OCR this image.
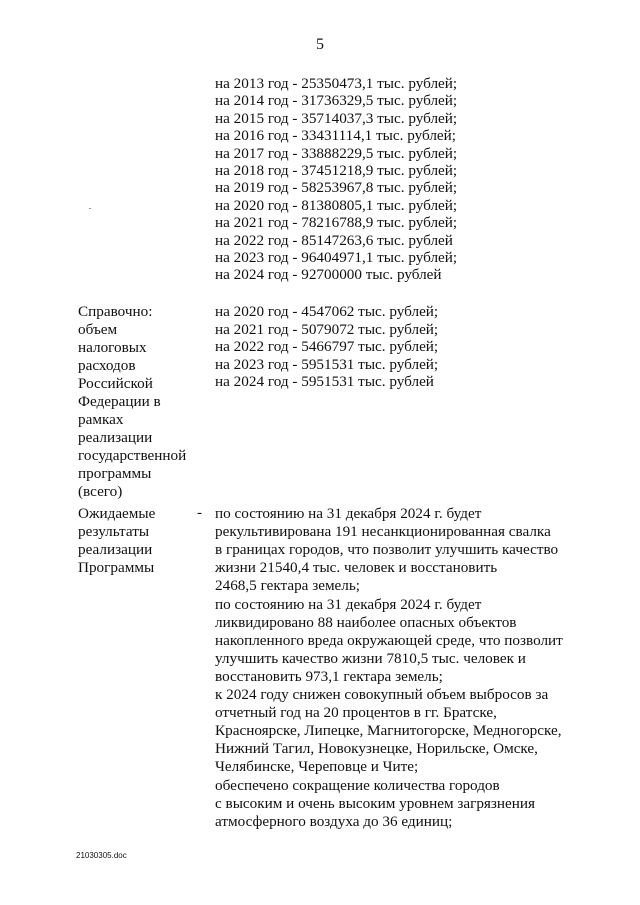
5
на 2013 год - 25350473,1 тыс. рублей;
на 2014 год - 31736329,5 тыс. рублей;
на 2015 год - 35714037,3 тыс. рублей;
на 2016 год - 33431114,1 тыс. рублей;
на 2017 год - 33888229,5 тыс. рублей;
на 2018 год - 37451218,9 тыс. рублей;
на 2019 год - 58253967,8 тыс. рублей;
на 2020 год - 81380805,1 тыс. рублей;
на 2021 год - 78216788,9 тыс. рублей;
на 2022 год - 85147263,6 тыс. рублей
на 2023 год - 96404971,1 тыс. рублей;
на 2024 год - 92700000 тыс. рублей
Справочно:
объем
налоговых
расходов
Российской
Федерации в
рамках
реализации
государственной
программы
(всего)
на 2020 год - 4547062 тыс. рублей;
на 2021 год - 5079072 тыс. рублей;
на 2022 год - 5466797 тыс. рублей;
на 2023 год - 5951531 тыс. рублей;
на 2024 год - 5951531 тыс. рублей
Ожидаемые
результаты
реализации
Программы
- по состоянию на 31 декабря 2024 г. будет
рекультивирована 191 несанкционированная свалка
в границах городов, что позволит улучшить качество
жизни 21540,4 тыс. человек и восстановить
2468,5 гектара земель;
по состоянию на 31 декабря 2024 г. будет
ликвидировано 88 наиболее опасных объектов
накопленного вреда окружающей среде, что позволит
улучшить качество жизни 7810,5 тыс. человек и
восстановить 973,1 гектара земель;
к 2024 году снижен совокупный объем выбросов за
отчетный год на 20 процентов в гг. Братске,
Красноярске, Липецке, Магнитогорске, Медногорске,
Нижний Тагил, Новокузнецке, Норильске, Омске,
Челябинске, Череповце и Чите;
обеспечено сокращение количества городов
с высоким и очень высоким уровнем загрязнения
атмосферного воздуха до 36 единиц;
21030305.doc
